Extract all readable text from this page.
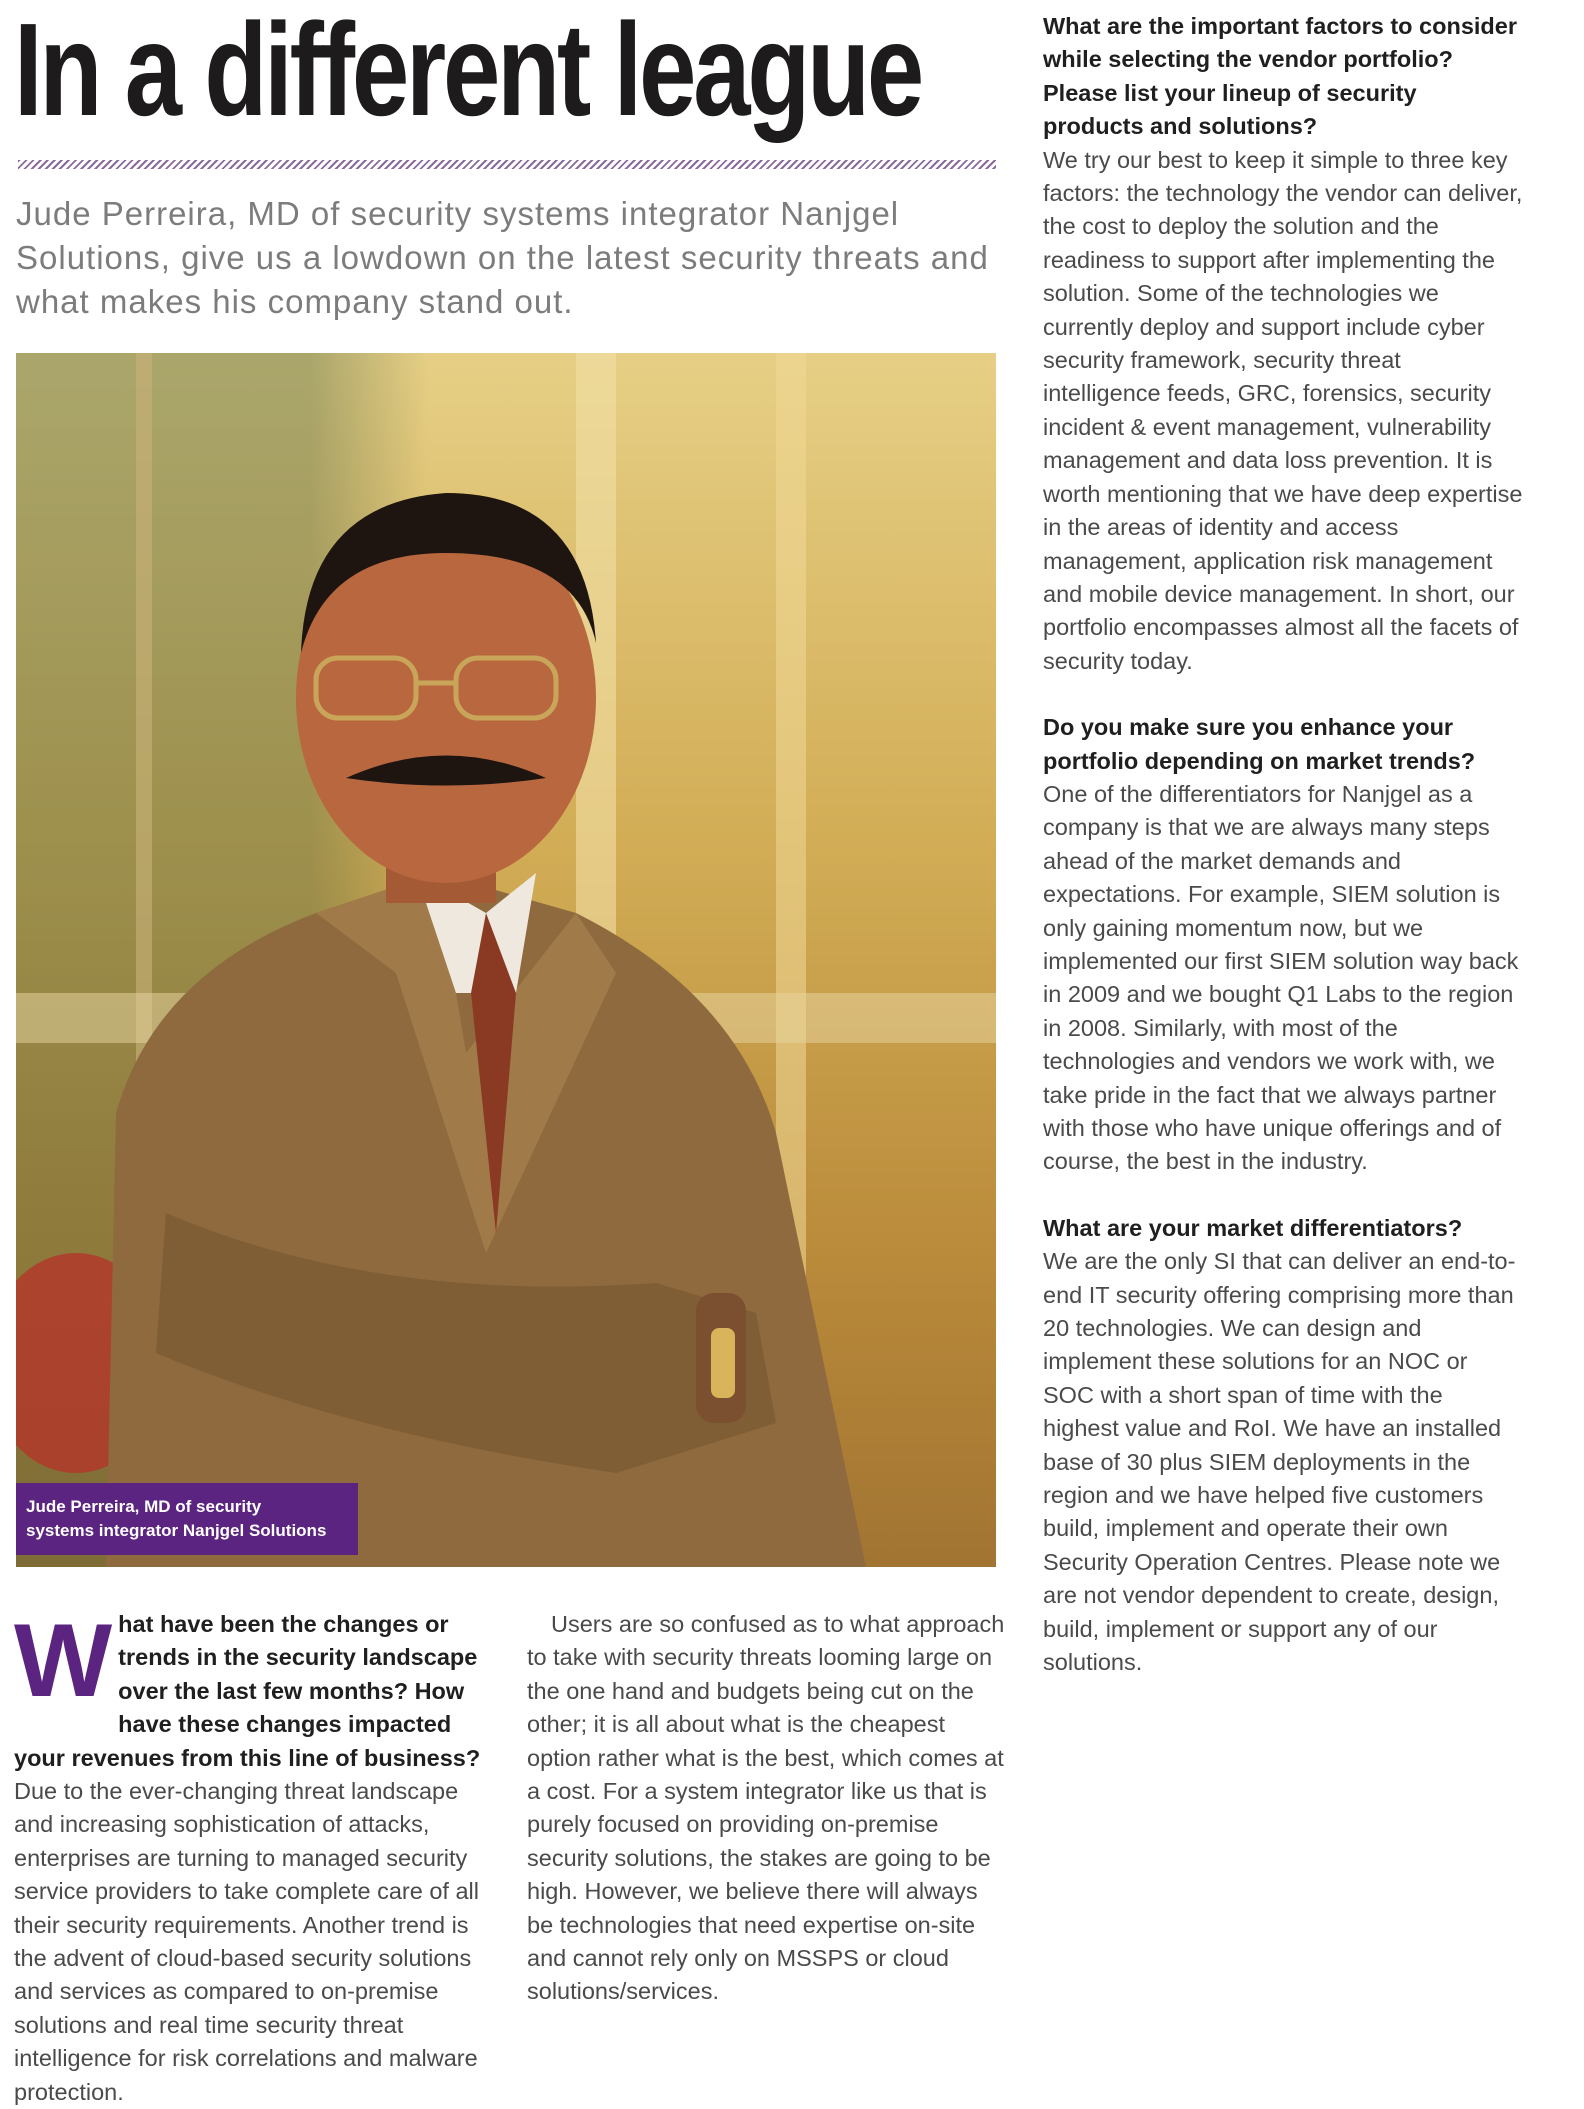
In a different league

Jude Perreira, MD of security systems integrator Nanjgel Solutions, give us a lowdown on the latest security threats and what makes his company stand out.

Jude Perreira, MD of security
systems integrator Nanjgel Solutions
W hat have been the changes or trends in the security landscape over the last few months? How have these changes impacted your revenues from this line of business?

Due to the ever-changing threat landscape and increasing sophistication of attacks, enterprises are turning to managed security service providers to take complete care of all their security requirements. Another trend is the advent of cloud-based security solutions and services as compared to on-premise solutions and real time security threat intelligence for risk correlations and malware protection.

Users are so confused as to what approach to take with security threats looming large on the one hand and budgets being cut on the other; it is all about what is the cheapest option rather what is the best, which comes at a cost. For a system integrator like us that is purely focused on providing on-premise security solutions, the stakes are going to be high. However, we believe there will always be technologies that need expertise on-site and cannot rely only on MSSPS or cloud solutions/services.

What are the important factors to consider while selecting the vendor portfolio? Please list your lineup of security products and solutions?

We try our best to keep it simple to three key factors: the technology the vendor can deliver, the cost to deploy the solution and the readiness to support after implementing the solution. Some of the technologies we currently deploy and support include cyber security framework, security threat intelligence feeds, GRC, forensics, security incident & event management, vulnerability management and data loss prevention. It is worth mentioning that we have deep expertise in the areas of identity and access management, application risk management and mobile device management. In short, our portfolio encompasses almost all the facets of security today.

Do you make sure you enhance your portfolio depending on market trends?

One of the differentiators for Nanjgel as a company is that we are always many steps ahead of the market demands and expectations. For example, SIEM solution is only gaining momentum now, but we implemented our first SIEM solution way back in 2009 and we bought Q1 Labs to the region in 2008. Similarly, with most of the technologies and vendors we work with, we take pride in the fact that we always partner with those who have unique offerings and of course, the best in the industry.

What are your market differentiators?

We are the only SI that can deliver an end-to-end IT security offering comprising more than 20 technologies. We can design and implement these solutions for an NOC or SOC with a short span of time with the highest value and RoI. We have an installed base of 30 plus SIEM deployments in the region and we have helped five customers build, implement and operate their own Security Operation Centres. Please note we are not vendor dependent to create, design, build, implement or support any of our solutions.
